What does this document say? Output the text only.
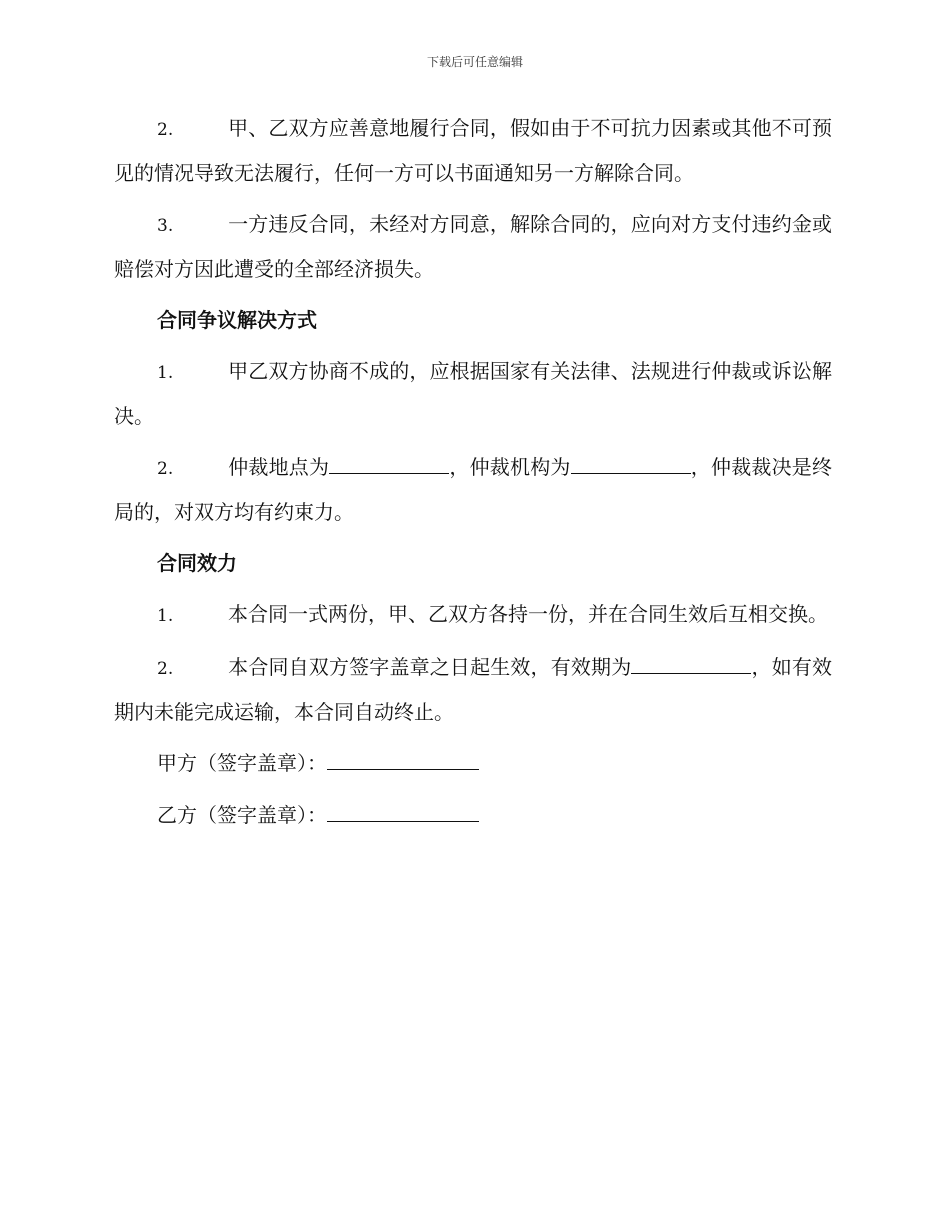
下载后可任意编辑

2.	甲、乙双方应善意地履行合同，假如由于不可抗力因素或其他不可预见的情况导致无法履行，任何一方可以书面通知另一方解除合同。

3.	一方违反合同，未经对方同意，解除合同的，应向对方支付违约金或赔偿对方因此遭受的全部经济损失。

合同争议解决方式

1.	甲乙双方协商不成的，应根据国家有关法律、法规进行仲裁或诉讼解决。

2.	仲裁地点为	，仲裁机构为	，仲裁裁决是终局的，对双方均有约束力。

合同效力

1.	本合同一式两份，甲、乙双方各持一份，并在合同生效后互相交换。

2.	本合同自双方签字盖章之日起生效，有效期为	，如有效期内未能完成运输，本合同自动终止。

甲方（签字盖章）：
乙方（签字盖章）：
